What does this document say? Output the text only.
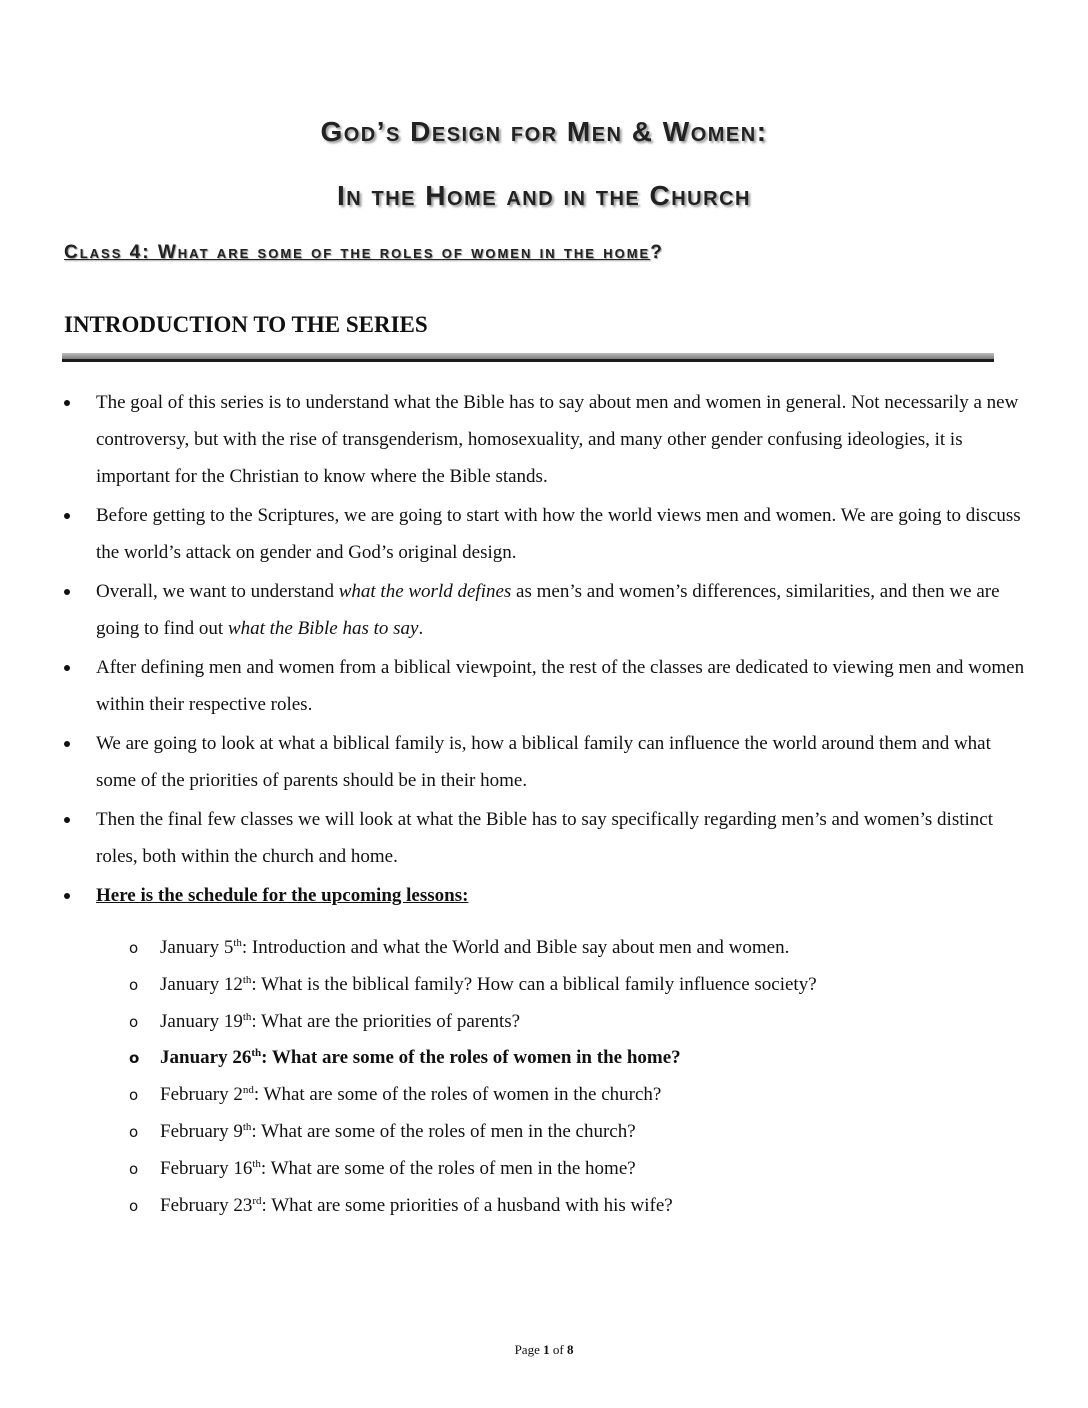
God’s Design for Men & Women:
In the Home and in the Church
Class 4: What are some of the roles of women in the home?
INTRODUCTION TO THE SERIES
The goal of this series is to understand what the Bible has to say about men and women in general. Not necessarily a new controversy, but with the rise of transgenderism, homosexuality, and many other gender confusing ideologies, it is important for the Christian to know where the Bible stands.
Before getting to the Scriptures, we are going to start with how the world views men and women. We are going to discuss the world’s attack on gender and God’s original design.
Overall, we want to understand what the world defines as men’s and women’s differences, similarities, and then we are going to find out what the Bible has to say.
After defining men and women from a biblical viewpoint, the rest of the classes are dedicated to viewing men and women within their respective roles.
We are going to look at what a biblical family is, how a biblical family can influence the world around them and what some of the priorities of parents should be in their home.
Then the final few classes we will look at what the Bible has to say specifically regarding men’s and women’s distinct roles, both within the church and home.
Here is the schedule for the upcoming lessons:
o January 5th: Introduction and what the World and Bible say about men and women.
o January 12th: What is the biblical family? How can a biblical family influence society?
o January 19th: What are the priorities of parents?
o January 26th: What are some of the roles of women in the home?
o February 2nd: What are some of the roles of women in the church?
o February 9th: What are some of the roles of men in the church?
o February 16th: What are some of the roles of men in the home?
o February 23rd: What are some priorities of a husband with his wife?
Page 1 of 8
